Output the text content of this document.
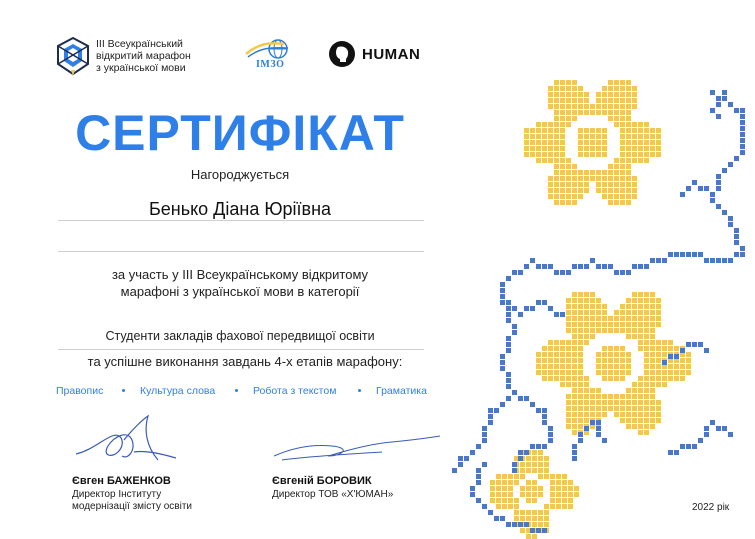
III Всеукраїнський
відкритий марафон
з української мови	ІМЗО
HUMAN
СЕРТИФІКАТ
Нагороджується
Бенько Діана Юріївна
за участь у ІІІ Всеукраїнському відкритому
марафоні з української мови в категорії
Студенти закладів фахової передвищої освіти
та успішне виконання завдань 4-х етапів марафону:
Правопис	Культура слова	Робота з текстом	Граматика
Євген БАЖЕНКОВ
Директор Інституту
модернізації змісту освіти
Євгеній БОРОВИК
Директор ТОВ «Х'ЮМАН»
2022 рік
